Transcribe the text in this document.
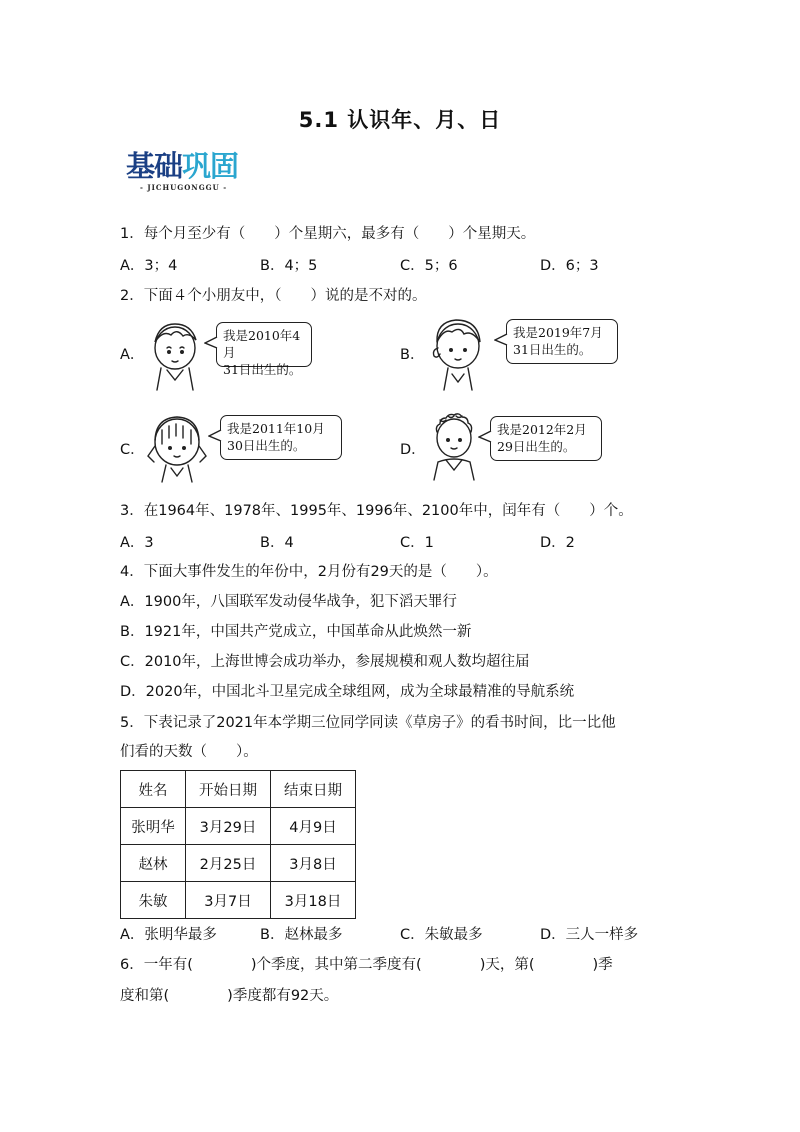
5.1 认识年、月、日
基础巩固
- JICHUGONGGU -
1．每个月至少有（　　）个星期六，最多有（　　）个星期天。
A．3；4	B．4；5	C．5；6	D．6；3
2．下面４个小朋友中，（　　）说的是不对的。
A．
我是2010年4月
31日出生的。
B．
我是2019年7月
31日出生的。
C．
我是2011年10月
30日出生的。	D．
我是2012年2月
29日出生的。
3．在1964年、1978年、1995年、1996年、2100年中，闰年有（　　）个。
A．3	B．4	C．1	D．2
4．下面大事件发生的年份中，2月份有29天的是（　　）。
A．1900年，八国联军发动侵华战争，犯下滔天罪行
B．1921年，中国共产党成立，中国革命从此焕然一新
C．2010年，上海世博会成功举办，参展规模和观人数均超往届
D．2020年，中国北斗卫星完成全球组网，成为全球最精准的导航系统
5．下表记录了2021年本学期三位同学同读《草房子》的看书时间，比一比他
们看的天数（　　）。
姓名	开始日期	结束日期
张明华	3月29日	4月9日
赵林	2月25日	3月8日
朱敏	3月7日	3月18日
A．张明华最多	B．赵林最多	C．朱敏最多	D．三人一样多
6．一年有(　　　　)个季度，其中第二季度有(　　　　)天，第(　　　　)季
度和第(　　　　)季度都有92天。
